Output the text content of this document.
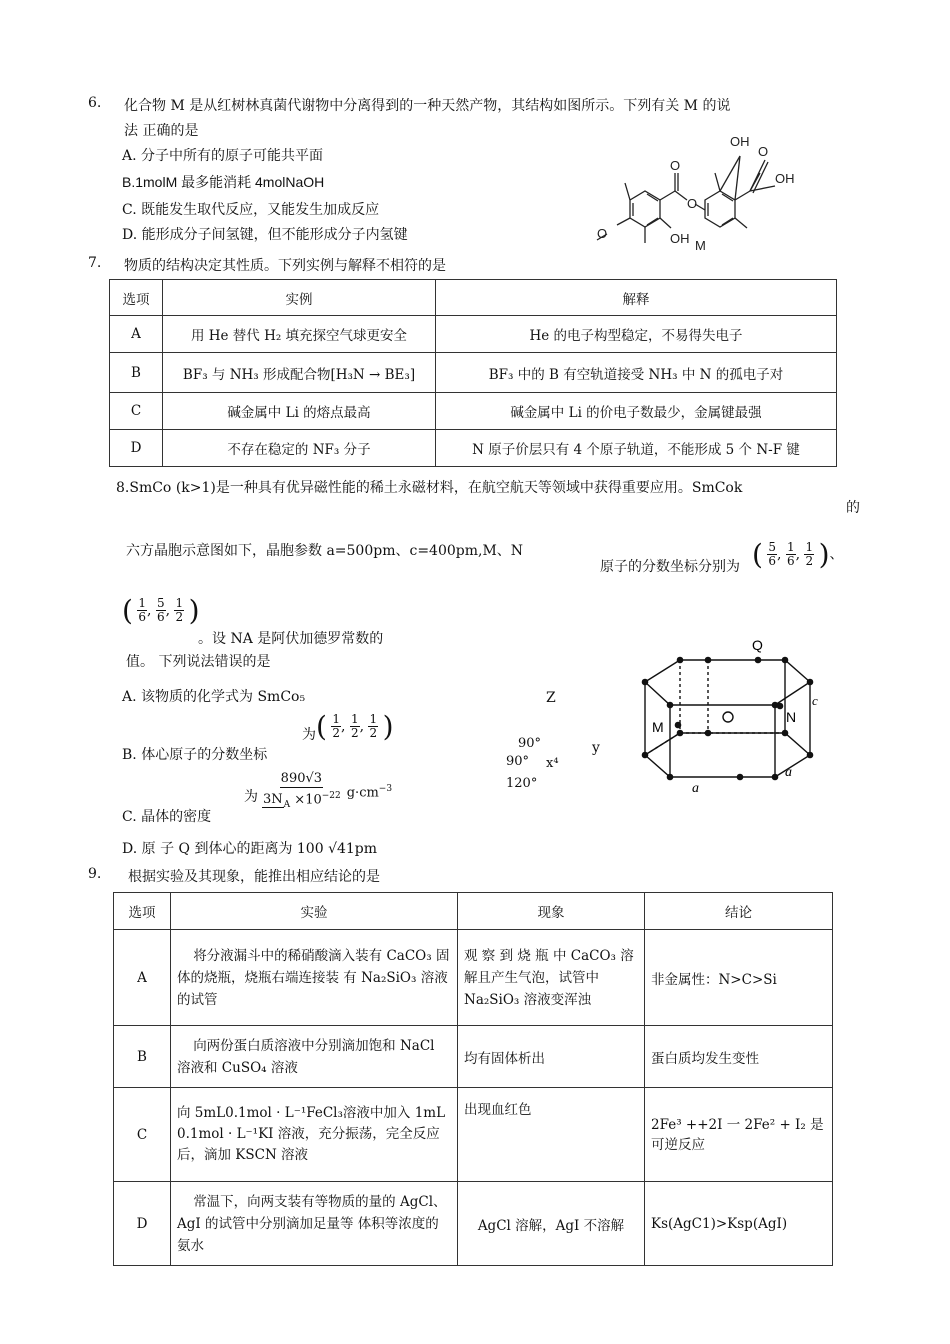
6. 化合物 M 是从红树林真菌代谢物中分离得到的一种天然产物，其结构如图所示。下列有关 M 的说
法 正确的是
A. 分子中所有的原子可能共平面
B.1molM 最多能消耗 4molNaOH
C. 既能发生取代反应，又能发生加成反应
D. 能形成分子间氢键，但不能形成分子内氢键
OH
O
O
O
OH
O	OH M
7. 物质的结构决定其性质。下列实例与解释不相符的是
选项	实例	解释
A	用 He 替代 H₂ 填充探空气球更安全	He 的电子构型稳定，不易得失电子
B	BF₃ 与 NH₃ 形成配合物[H₃N → BE₃]	BF₃ 中的 B 有空轨道接受 NH₃ 中 N 的孤电子对
C	碱金属中 Li 的熔点最高	碱金属中 Li 的价电子数最少，金属键最强
D	不存在稳定的 NF₃ 分子	N 原子价层只有 4 个原子轨道，不能形成 5 个 N-F 键
8.SmCo (k>1)是一种具有优异磁性能的稀土永磁材料，在航空航天等领域中获得重要应用。SmCok
的
六方晶胞示意图如下，晶胞参数 a=500pm、c=400pm,M、N
原子的分数坐标分别为 ( $\frac{5}{6}$ , $\frac{1}{6}$ , $\frac{1}{2}$ )、
( $\frac{1}{6}$ , $\frac{5}{6}$ , $\frac{1}{2}$ )
。设 NA 是阿伏加德罗常数的
值。 下列说法错误的是
A. 该物质的化学式为 SmCo₅
为 ( $\frac{1}{2}$ , $\frac{1}{2}$ , $\frac{1}{2}$ )
B. 体心原子的分数坐标
为 $\frac{890√3}{3N_A \times 10^{-22}} g\cdot cm^{-3}$
C. 晶体的密度
D. 原 子 Q 到体心的距离为 100 √41pm
Z
90°	y
90° x⁴
120°
Q
M
N
c
a
a
9. 根据实验及其现象，能推出相应结论的是
选项	实验	现象	结论
A	将分液漏斗中的稀硝酸滴入装有 CaCO₃ 固体的烧瓶，烧瓶右端连接装 有 Na₂SiO₃ 溶液的试管	观 察 到 烧 瓶 中 CaCO₃ 溶 解且产生气泡，试管中 Na₂SiO₃ 溶液变浑浊	非金属性：N>C>Si
B	向两份蛋白质溶液中分别滴加饱和 NaCl 溶液和 CuSO₄ 溶液	均有固体析出	蛋白质均发生变性
C	向 5mL0.1mol · L⁻¹FeCl₃溶液中加入 1mL 0.1mol · L⁻¹KI 溶液，充分振荡，完全反应后，滴加 KSCN 溶液	出现血红色	2Fe³ ++2I 一 2Fe² + I₂ 是可逆反应
D	常温下，向两支装有等物质的量的 AgCl、AgI 的试管中分别滴加足量等 体积等浓度的氨水	AgCl 溶解，AgI 不溶解	Ks(AgC1)>Ksp(AgI)
